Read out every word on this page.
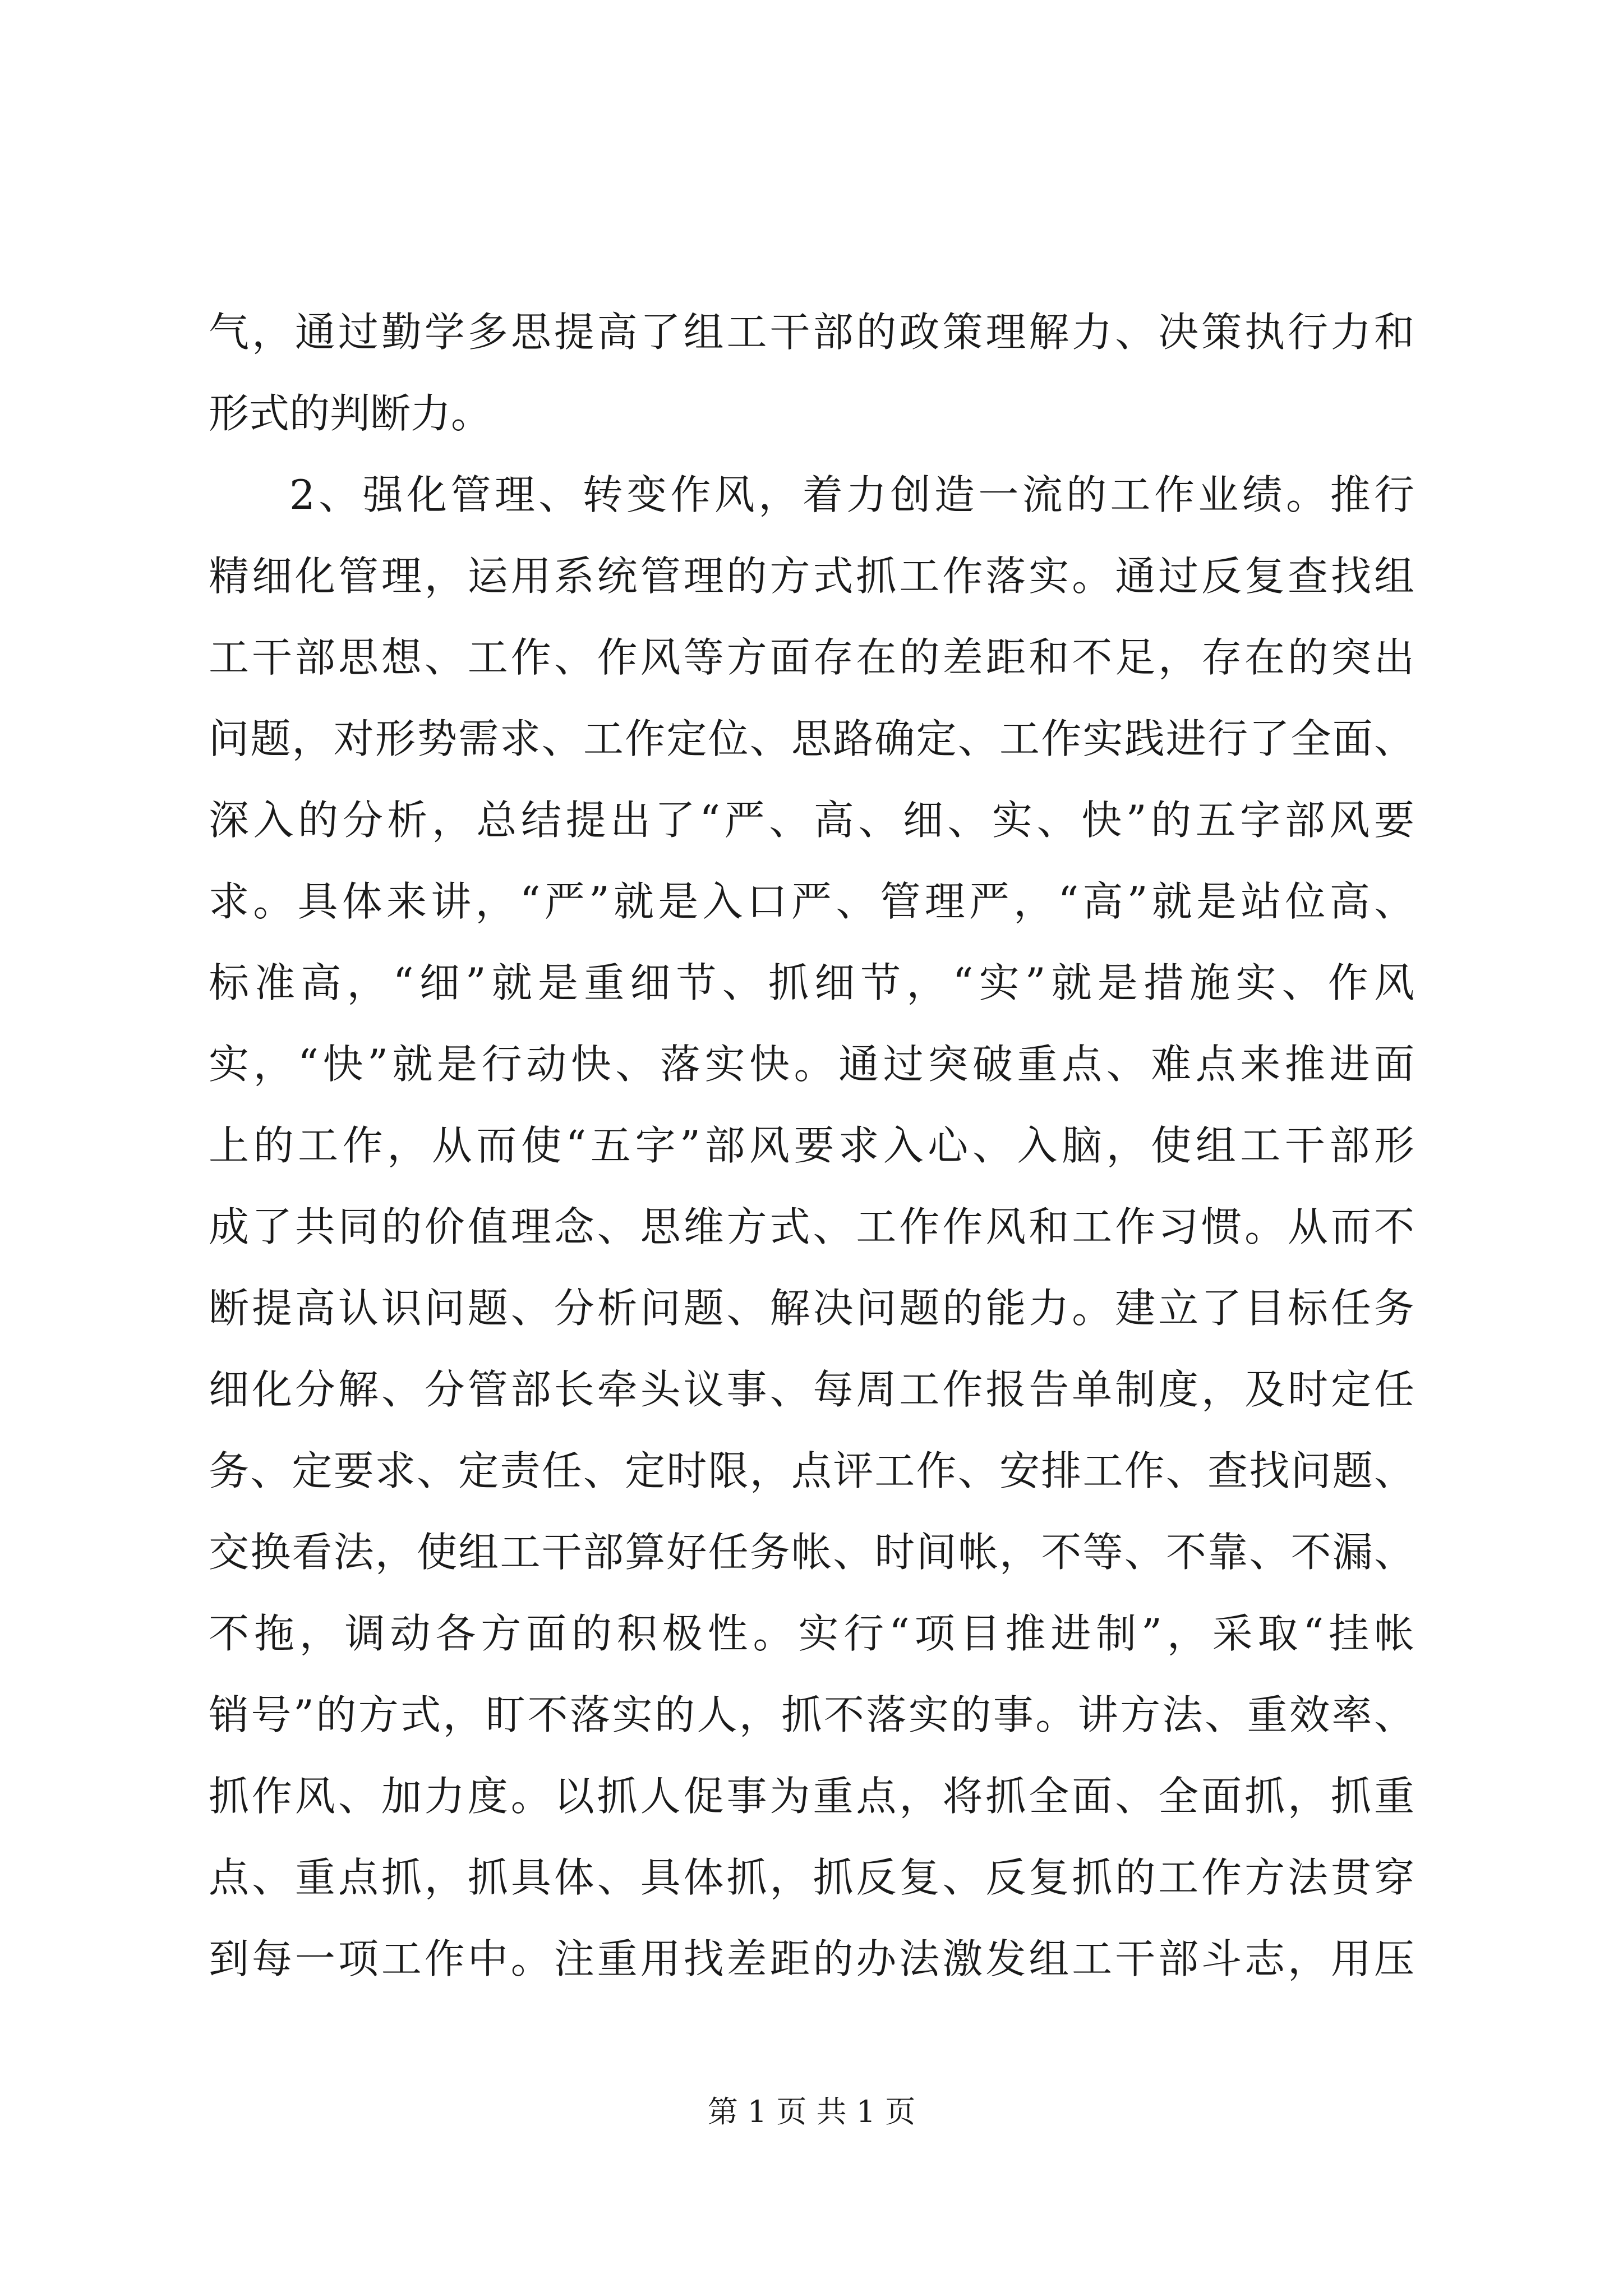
气，通过勤学多思提高了组工干部的政策理解力、决策执行力和
形式的判断力。
2、强化管理、转变作风，着力创造一流的工作业绩。推行
精细化管理，运用系统管理的方式抓工作落实。通过反复查找组
工干部思想、工作、作风等方面存在的差距和不足，存在的突出
问题，对形势需求、工作定位、思路确定、工作实践进行了全面、
深入的分析，总结提出了“严、高、细、实、快”的五字部风要
求。具体来讲，“严”就是入口严、管理严，“高”就是站位高、
标准高，“细”就是重细节、抓细节，“实”就是措施实、作风
实，“快”就是行动快、落实快。通过突破重点、难点来推进面
上的工作，从而使“五字”部风要求入心、入脑，使组工干部形
成了共同的价值理念、思维方式、工作作风和工作习惯。从而不
断提高认识问题、分析问题、解决问题的能力。建立了目标任务
细化分解、分管部长牵头议事、每周工作报告单制度，及时定任
务、定要求、定责任、定时限，点评工作、安排工作、查找问题、
交换看法，使组工干部算好任务帐、时间帐，不等、不靠、不漏、
不拖，调动各方面的积极性。实行“项目推进制”，采取“挂帐
销号”的方式，盯不落实的人，抓不落实的事。讲方法、重效率、
抓作风、加力度。以抓人促事为重点，将抓全面、全面抓，抓重
点、重点抓，抓具体、具体抓，抓反复、反复抓的工作方法贯穿
到每一项工作中。注重用找差距的办法激发组工干部斗志，用压
第 1 页 共 1 页
